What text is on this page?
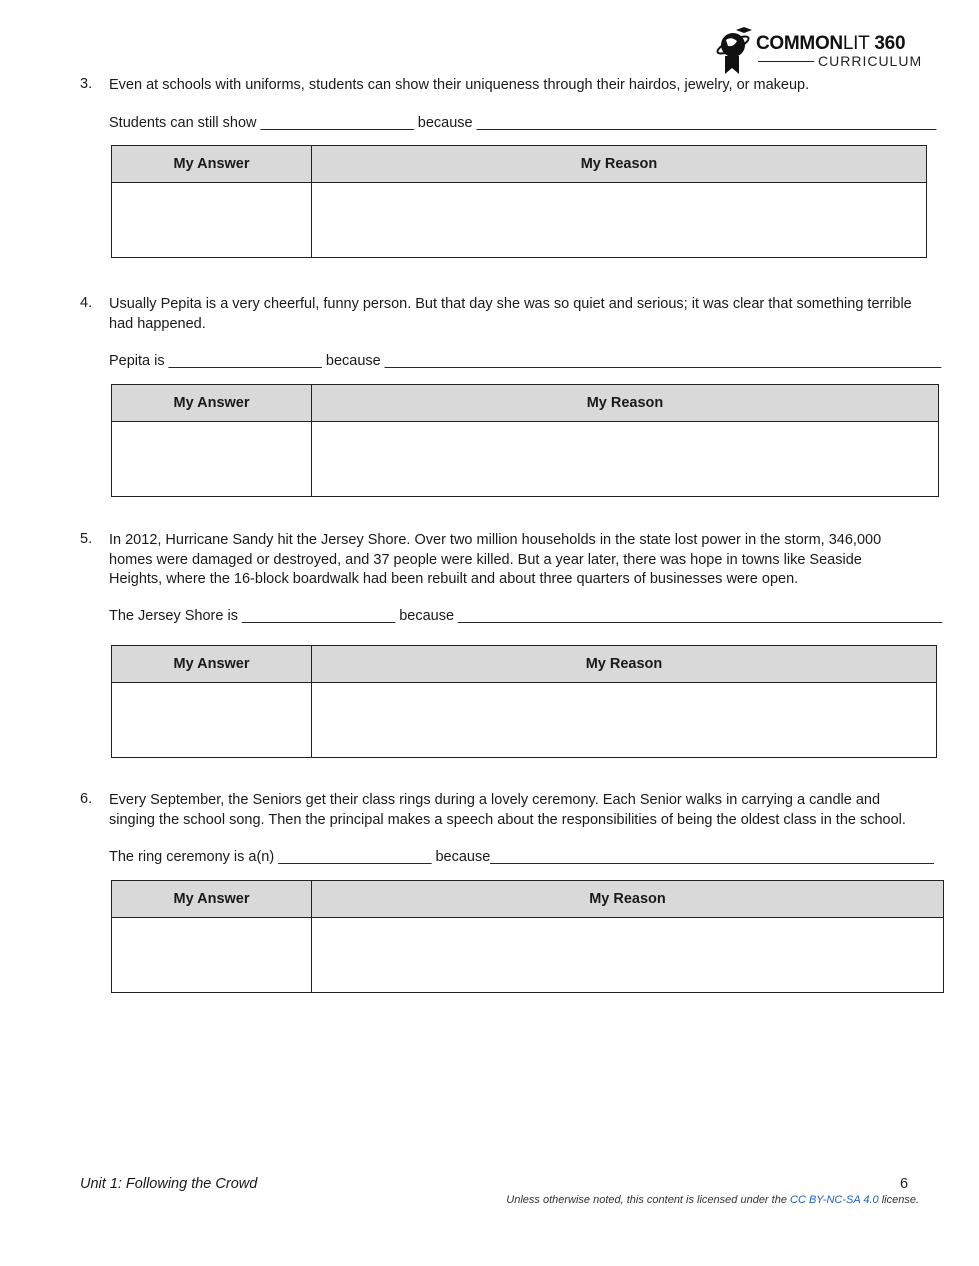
COMMONLIT 360
CURRICULUM
3. Even at schools with uniforms, students can show their uniqueness through their hairdos, jewelry, or makeup.
Students can still show ___________________ because _________________________________________________________
My Answer	My Reason

4. Usually Pepita is a very cheerful, funny person. But that day she was so quiet and serious; it was clear that something terrible had happened.
Pepita is ___________________ because _____________________________________________________________________
My Answer	My Reason

5. In 2012, Hurricane Sandy hit the Jersey Shore. Over two million households in the state lost power in the storm, 346,000 homes were damaged or destroyed, and 37 people were killed. But a year later, there was hope in towns like Seaside Heights, where the 16-block boardwalk had been rebuilt and about three quarters of businesses were open.
The Jersey Shore is ___________________ because ____________________________________________________________
My Answer	My Reason

6. Every September, the Seniors get their class rings during a lovely ceremony. Each Senior walks in carrying a candle and singing the school song. Then the principal makes a speech about the responsibilities of being the oldest class in the school.
The ring ceremony is a(n) ___________________ because_______________________________________________________
My Answer	My Reason

Unit 1: Following the Crowd	6
Unless otherwise noted, this content is licensed under the CC BY-NC-SA 4.0 license.
